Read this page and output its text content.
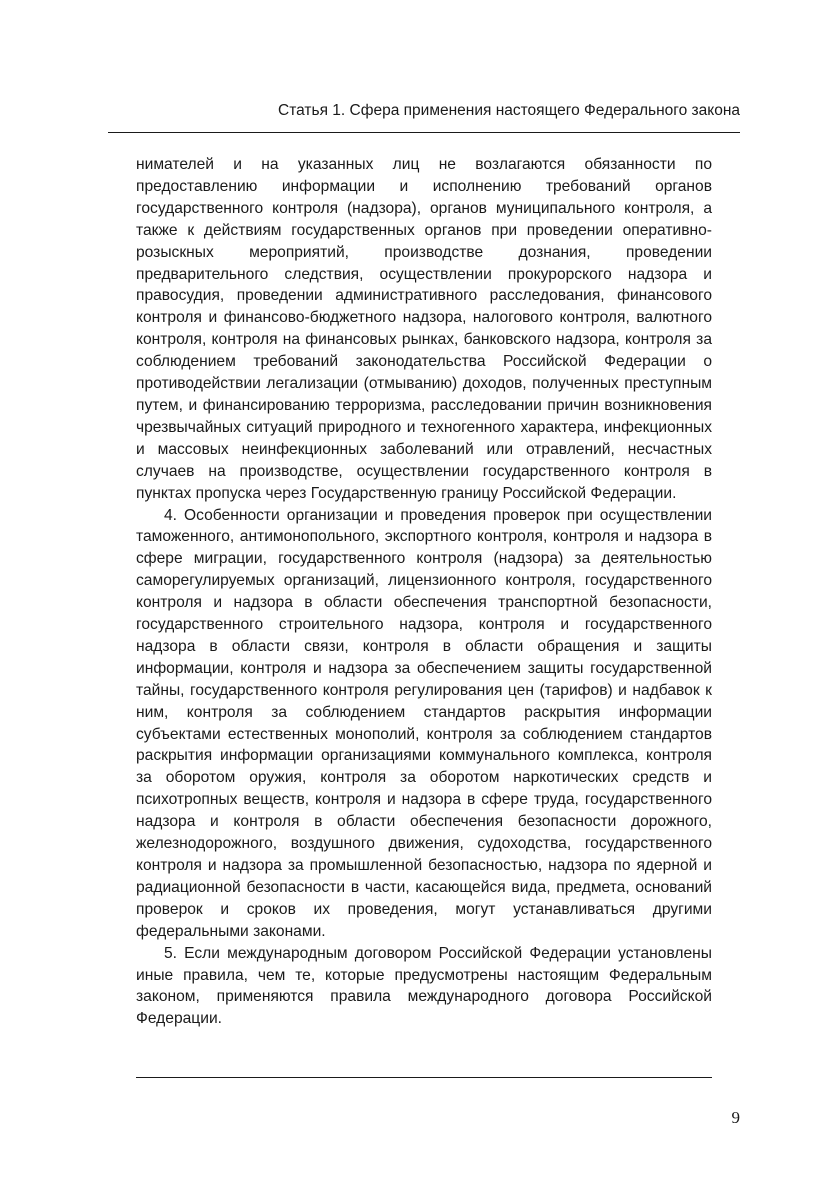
Статья 1. Сфера применения настоящего Федерального закона

нимателей и на указанных лиц не возлагаются обязанности по предоставлению информации и исполнению требований органов государственного контроля (надзора), органов муниципального контроля, а также к действиям государственных органов при проведении оперативно-розыскных мероприятий, производстве дознания, проведении предварительного следствия, осуществлении прокурорского надзора и правосудия, проведении административного расследования, финансового контроля и финансово-бюджетного надзора, налогового контроля, валютного контроля, контроля на финансовых рынках, банковского надзора, контроля за соблюдением требований законодательства Российской Федерации о противодействии легализации (отмыванию) доходов, полученных преступным путем, и финансированию терроризма, расследовании причин возникновения чрезвычайных ситуаций природного и техногенного характера, инфекционных и массовых неинфекционных заболеваний или отравлений, несчастных случаев на производстве, осуществлении государственного контроля в пунктах пропуска через Государственную границу Российской Федерации.

4. Особенности организации и проведения проверок при осуществлении таможенного, антимонопольного, экспортного контроля, контроля и надзора в сфере миграции, государственного контроля (надзора) за деятельностью саморегулируемых организаций, лицензионного контроля, государственного контроля и надзора в области обеспечения транспортной безопасности, государственного строительного надзора, контроля и государственного надзора в области связи, контроля в области обращения и защиты информации, контроля и надзора за обеспечением защиты государственной тайны, государственного контроля регулирования цен (тарифов) и надбавок к ним, контроля за соблюдением стандартов раскрытия информации субъектами естественных монополий, контроля за соблюдением стандартов раскрытия информации организациями коммунального комплекса, контроля за оборотом оружия, контроля за оборотом наркотических средств и психотропных веществ, контроля и надзора в сфере труда, государственного надзора и контроля в области обеспечения безопасности дорожного, железнодорожного, воздушного движения, судоходства, государственного контроля и надзора за промышленной безопасностью, надзора по ядерной и радиационной безопасности в части, касающейся вида, предмета, оснований проверок и сроков их проведения, могут устанавливаться другими федеральными законами.

5. Если международным договором Российской Федерации установлены иные правила, чем те, которые предусмотрены настоящим Федеральным законом, применяются правила международного договора Российской Федерации.

9
